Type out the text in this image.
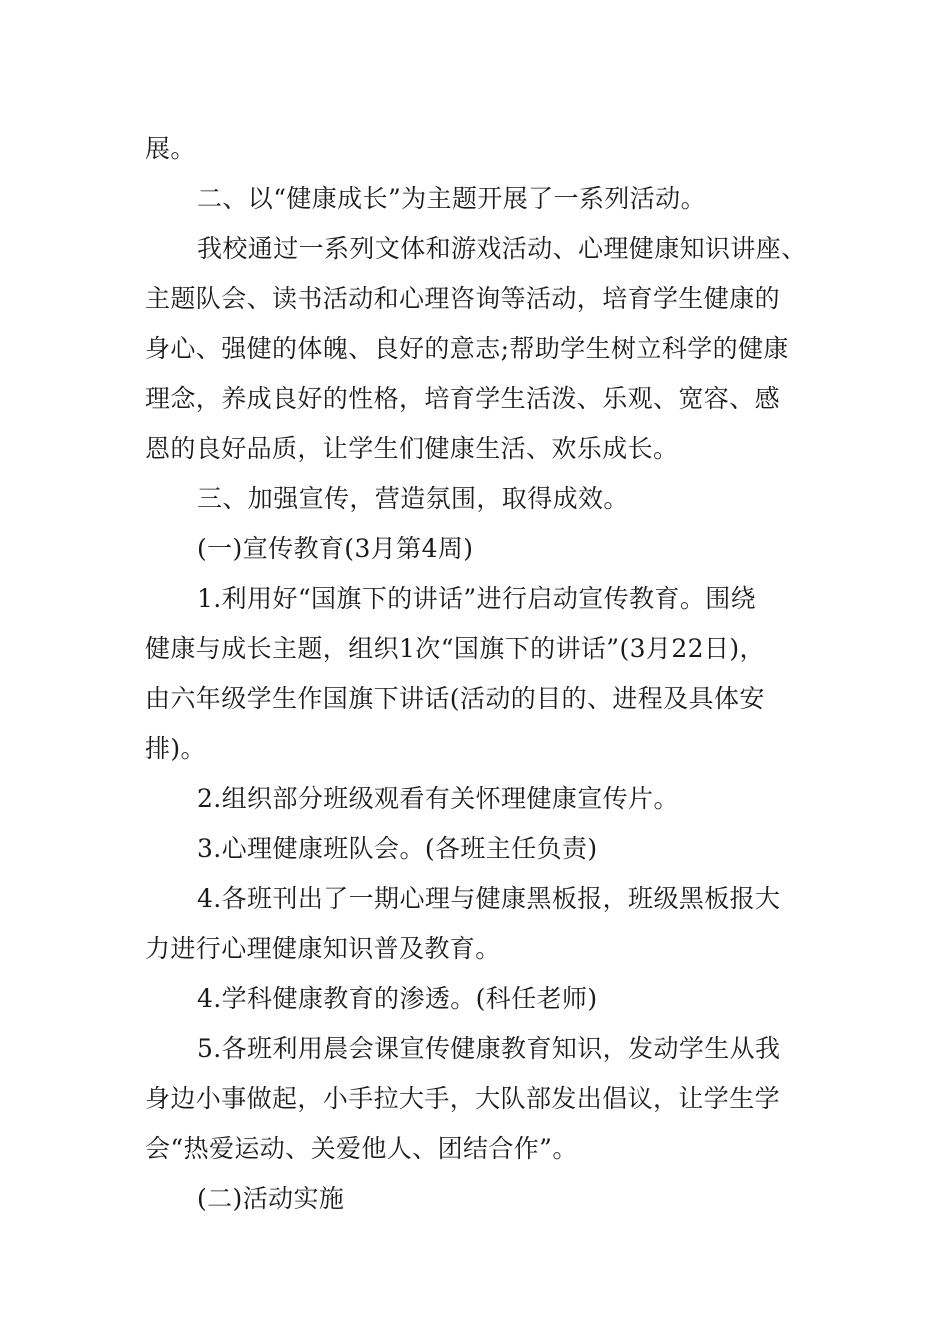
展。
二、以“健康成长”为主题开展了一系列活动。
我校通过一系列文体和游戏活动、心理健康知识讲座、
主题队会、读书活动和心理咨询等活动，培育学生健康的
身心、强健的体魄、良好的意志;帮助学生树立科学的健康
理念，养成良好的性格，培育学生活泼、乐观、宽容、感
恩的良好品质，让学生们健康生活、欢乐成长。
三、加强宣传，营造氛围，取得成效。
(一)宣传教育(3月第4周)
1.利用好“国旗下的讲话”进行启动宣传教育。围绕
健康与成长主题，组织1次“国旗下的讲话”(3月22日)，
由六年级学生作国旗下讲话(活动的目的、进程及具体安
排)。
2.组织部分班级观看有关怀理健康宣传片。
3.心理健康班队会。(各班主任负责)
4.各班刊出了一期心理与健康黑板报，班级黑板报大
力进行心理健康知识普及教育。
4.学科健康教育的渗透。(科任老师)
5.各班利用晨会课宣传健康教育知识，发动学生从我
身边小事做起，小手拉大手，大队部发出倡议，让学生学
会“热爱运动、关爱他人、团结合作”。
(二)活动实施
